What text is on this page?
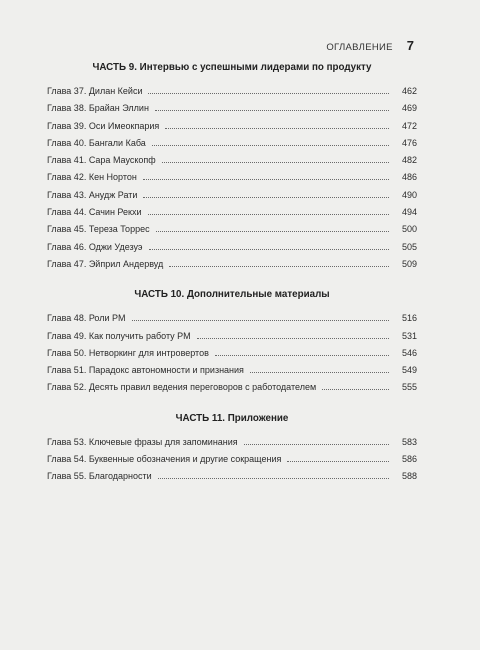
ОГЛАВЛЕНИЕ 7
ЧАСТЬ 9. Интервью с успешными лидерами по продукту
Глава 37. Дилан Кейси	462
Глава 38. Брайан Эллин	469
Глава 39. Оси Имеокпария	472
Глава 40. Бангали Каба	476
Глава 41. Сара Маускопф	482
Глава 42. Кен Нортон	486
Глава 43. Анудж Рати	490
Глава 44. Сачин Рекхи	494
Глава 45. Тереза Торрес	500
Глава 46. Оджи Удезуэ	505
Глава 47. Эйприл Андервуд	509
ЧАСТЬ 10. Дополнительные материалы
Глава 48. Роли PM	516
Глава 49. Как получить работу PM	531
Глава 50. Нетворкинг для интровертов	546
Глава 51. Парадокс автономности и признания	549
Глава 52. Десять правил ведения переговоров с работодателем	555
ЧАСТЬ 11. Приложение
Глава 53. Ключевые фразы для запоминания	583
Глава 54. Буквенные обозначения и другие сокращения	586
Глава 55. Благодарности	588
